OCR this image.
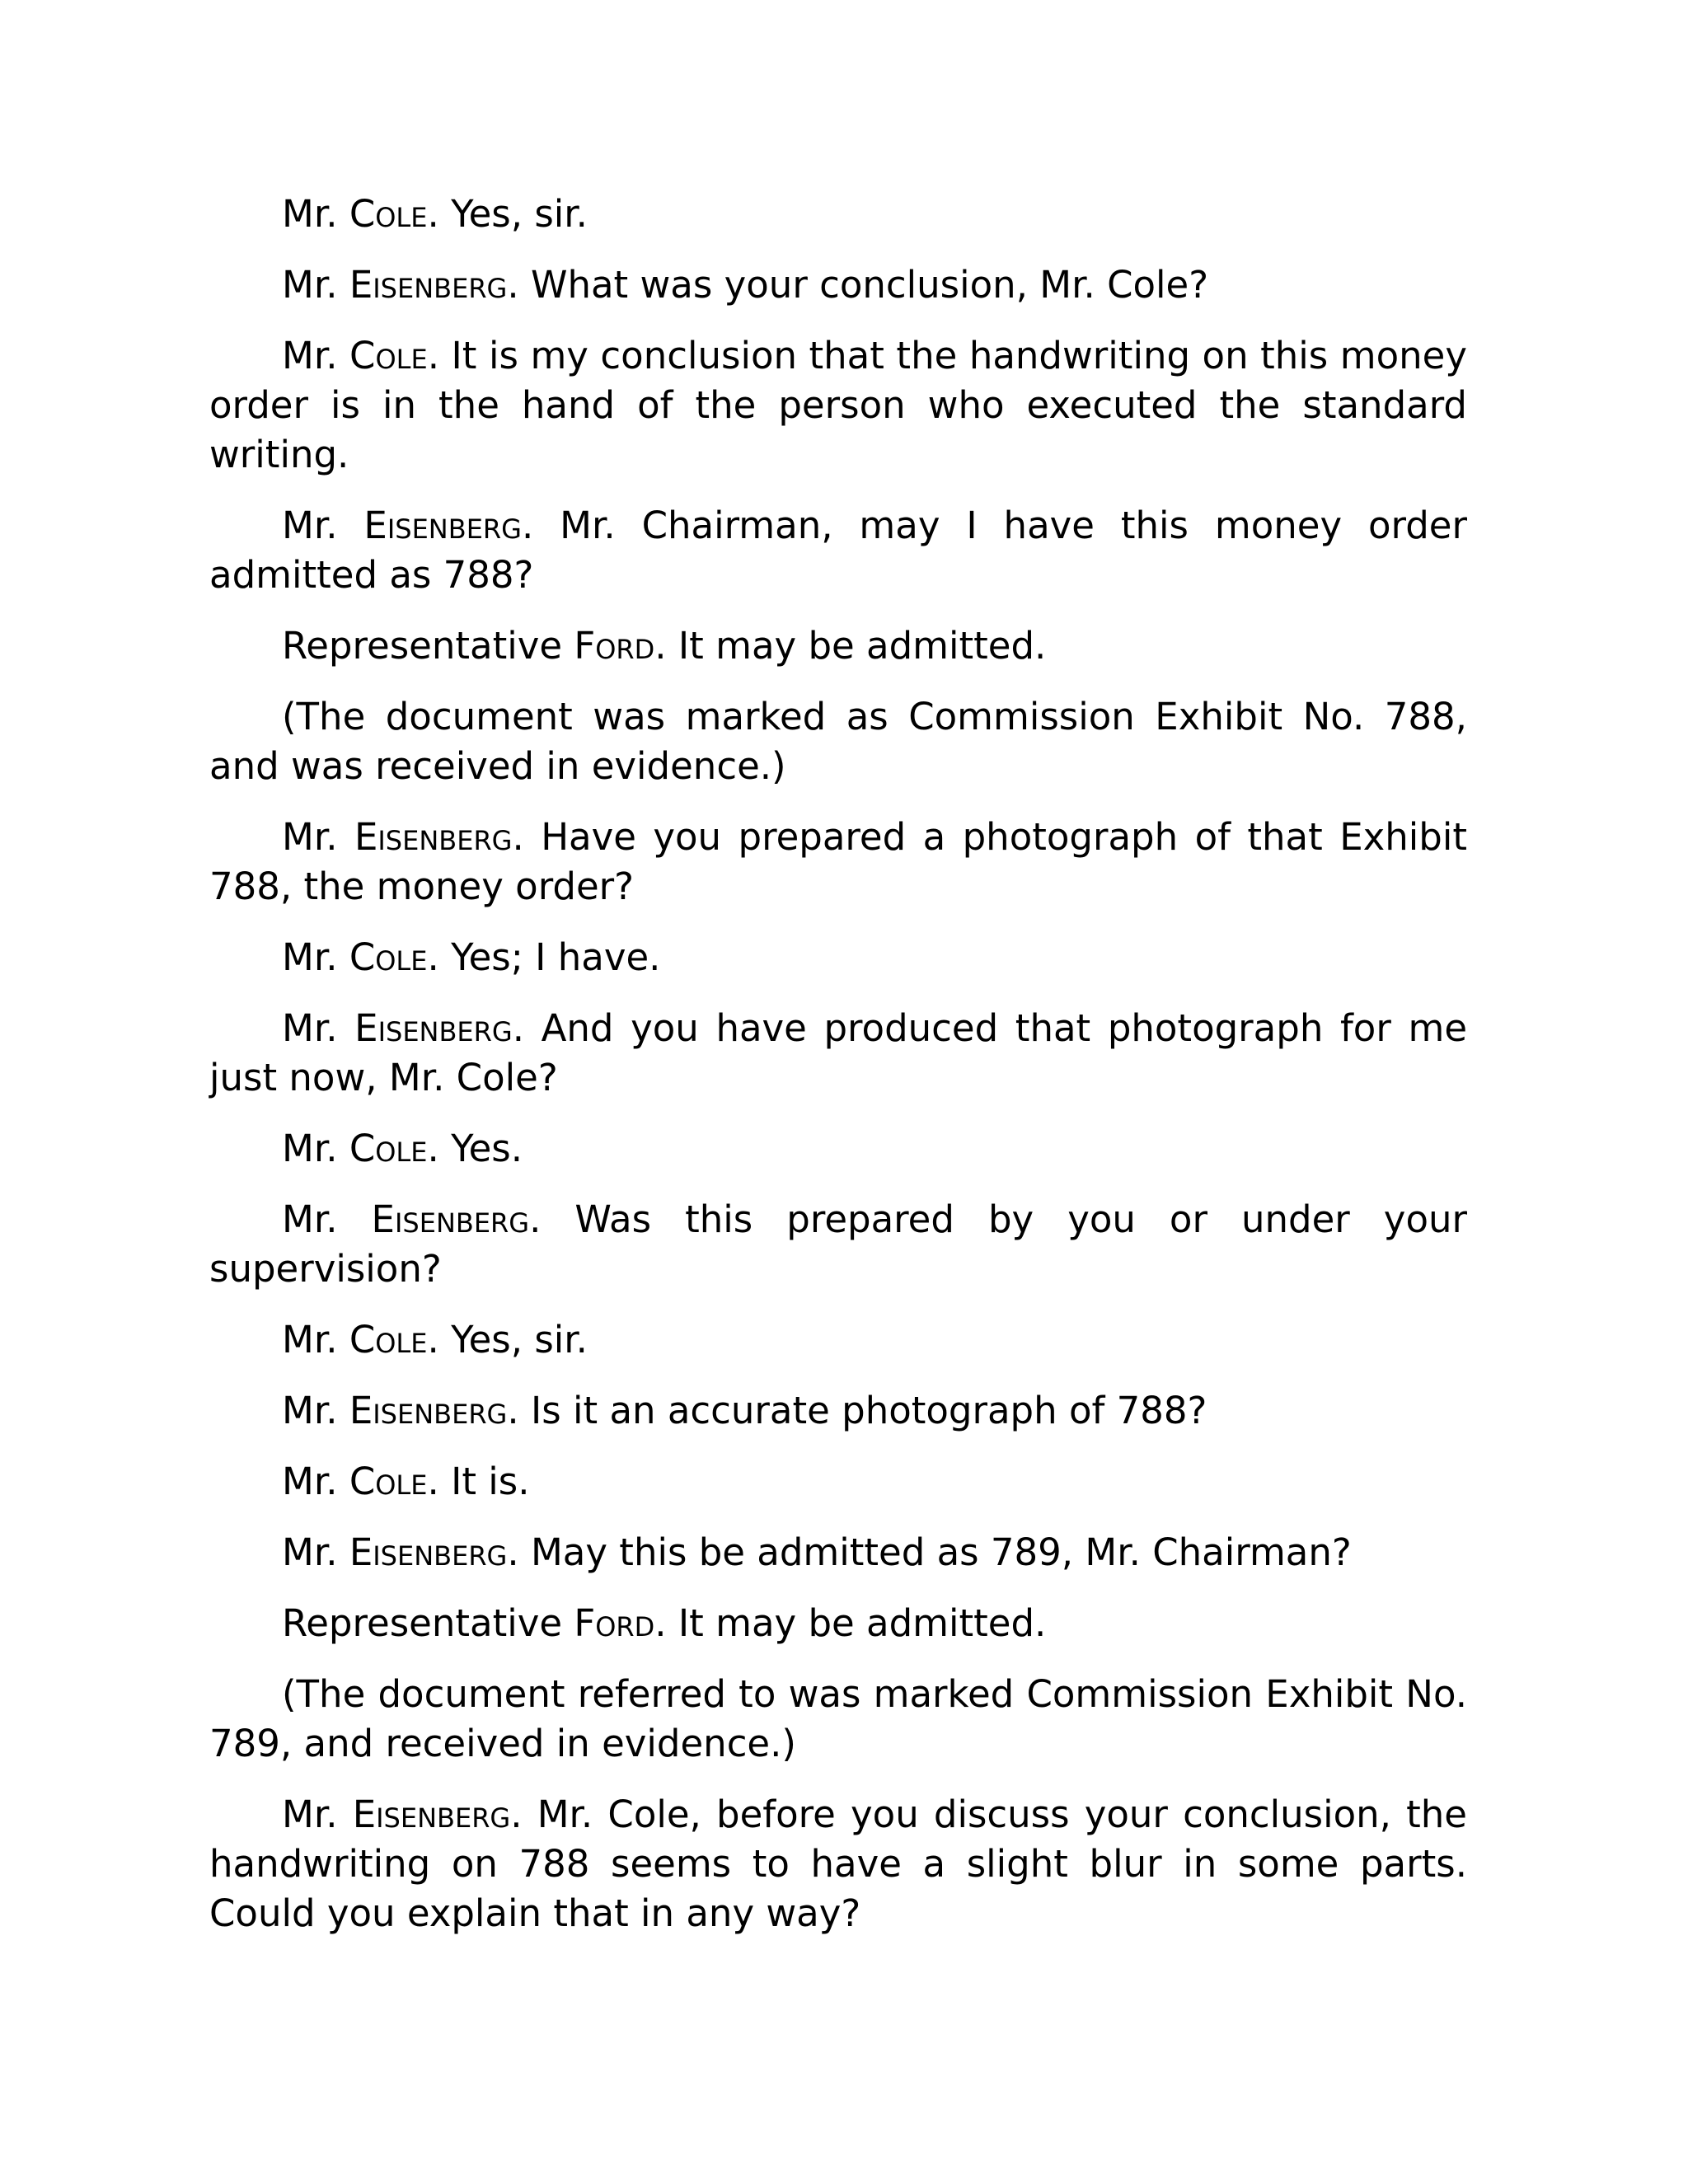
Mr. Cole. Yes, sir.

Mr. Eisenberg. What was your conclusion, Mr. Cole?

Mr. Cole. It is my conclusion that the handwriting on this money order is in the hand of the person who executed the standard writing.

Mr. Eisenberg. Mr. Chairman, may I have this money order admitted as 788?

Representative Ford. It may be admitted.

(The document was marked as Commission Exhibit No. 788, and was received in evidence.)

Mr. Eisenberg. Have you prepared a photograph of that Exhibit 788, the money order?

Mr. Cole. Yes; I have.

Mr. Eisenberg. And you have produced that photograph for me just now, Mr. Cole?

Mr. Cole. Yes.

Mr. Eisenberg. Was this prepared by you or under your supervision?

Mr. Cole. Yes, sir.

Mr. Eisenberg. Is it an accurate photograph of 788?

Mr. Cole. It is.

Mr. Eisenberg. May this be admitted as 789, Mr. Chairman?

Representative Ford. It may be admitted.

(The document referred to was marked Commission Exhibit No. 789, and received in evidence.)

Mr. Eisenberg. Mr. Cole, before you discuss your conclusion, the handwriting on 788 seems to have a slight blur in some parts. Could you explain that in any way?
